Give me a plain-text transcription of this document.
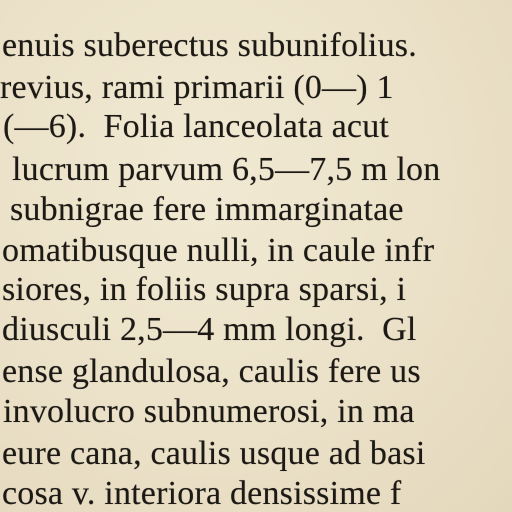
enuis suberectus subunifolius.
revius, rami primarii (0—) 1
(—6).  Folia lanceolata acut
lucrum parvum 6,5—7,5 m lon
subnigrae fere immarginatae
omatibusque nulli, in caule infr
siores, in foliis supra sparsi, i
diusculi 2,5—4 mm longi.  Gl
ense glandulosa, caulis fere us
involucro subnumerosi, in ma
eure cana, caulis usque ad basi
cosa v. interiora densissime f
